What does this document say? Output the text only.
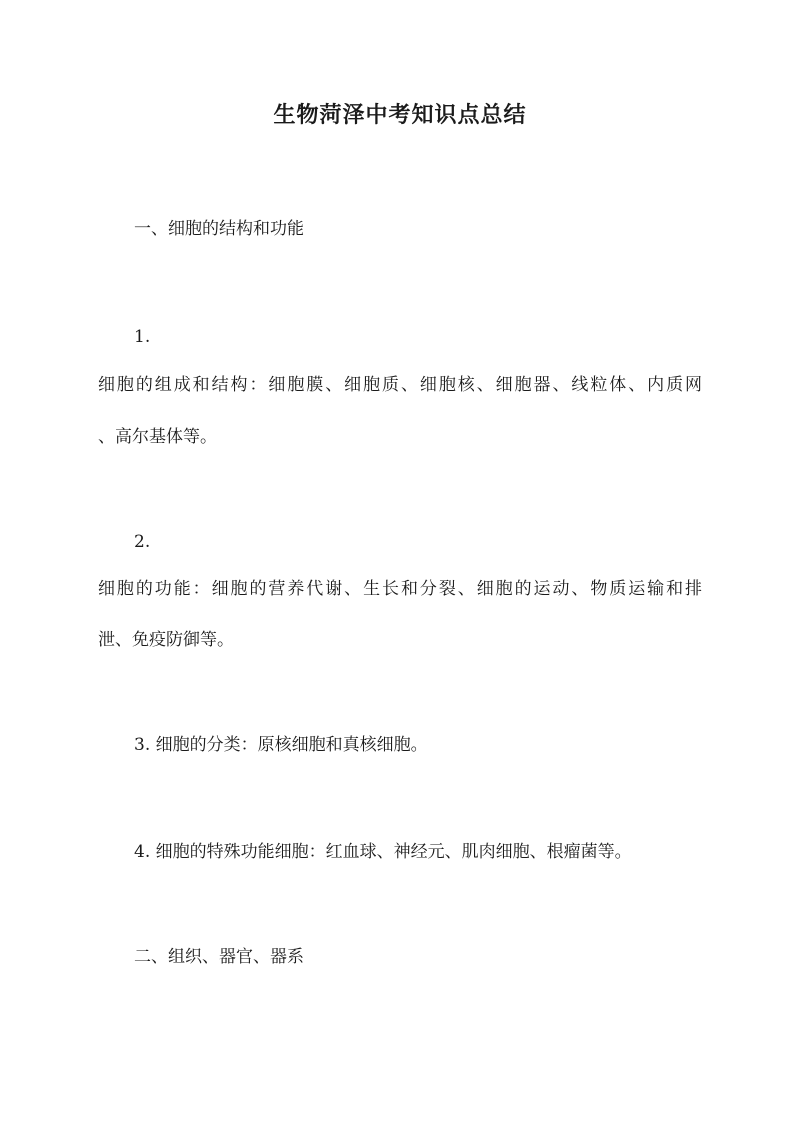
生物菏泽中考知识点总结
一、细胞的结构和功能
1.
细胞的组成和结构：细胞膜、细胞质、细胞核、细胞器、线粒体、内质网
、高尔基体等。
2.
细胞的功能：细胞的营养代谢、生长和分裂、细胞的运动、物质运输和排
泄、免疫防御等。
3. 细胞的分类：原核细胞和真核细胞。
4. 细胞的特殊功能细胞：红血球、神经元、肌肉细胞、根瘤菌等。
二、组织、器官、器系
